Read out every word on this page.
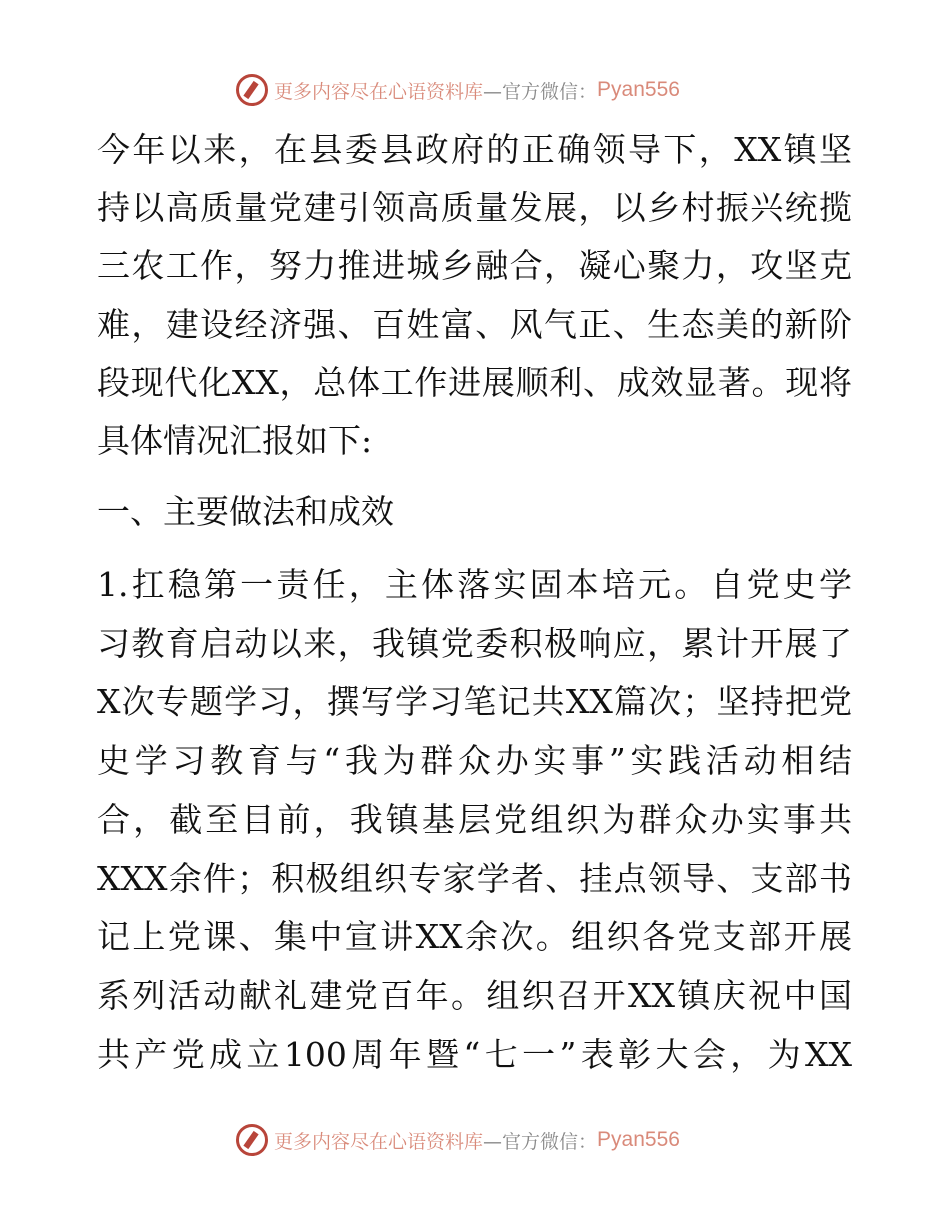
更多内容尽在心语资料库 —官方微信： Pyan556
今年以来，在县委县政府的正确领导下，XX镇坚
持以高质量党建引领高质量发展，以乡村振兴统揽
三农工作，努力推进城乡融合，凝心聚力，攻坚克
难，建设经济强、百姓富、风气正、生态美的新阶
段现代化XX，总体工作进展顺利、成效显著。现将
具体情况汇报如下:
一、主要做法和成效
1.扛稳第一责任，主体落实固本培元。自党史学
习教育启动以来，我镇党委积极响应，累计开展了
X次专题学习，撰写学习笔记共XX篇次；坚持把党
史学习教育与“我为群众办实事”实践活动相结
合，截至目前，我镇基层党组织为群众办实事共
XXX余件；积极组织专家学者、挂点领导、支部书
记上党课、集中宣讲XX余次。组织各党支部开展
系列活动献礼建党百年。组织召开XX镇庆祝中国
共产党成立100周年暨“七一”表彰大会，为XX
更多内容尽在心语资料库 —官方微信： Pyan556
